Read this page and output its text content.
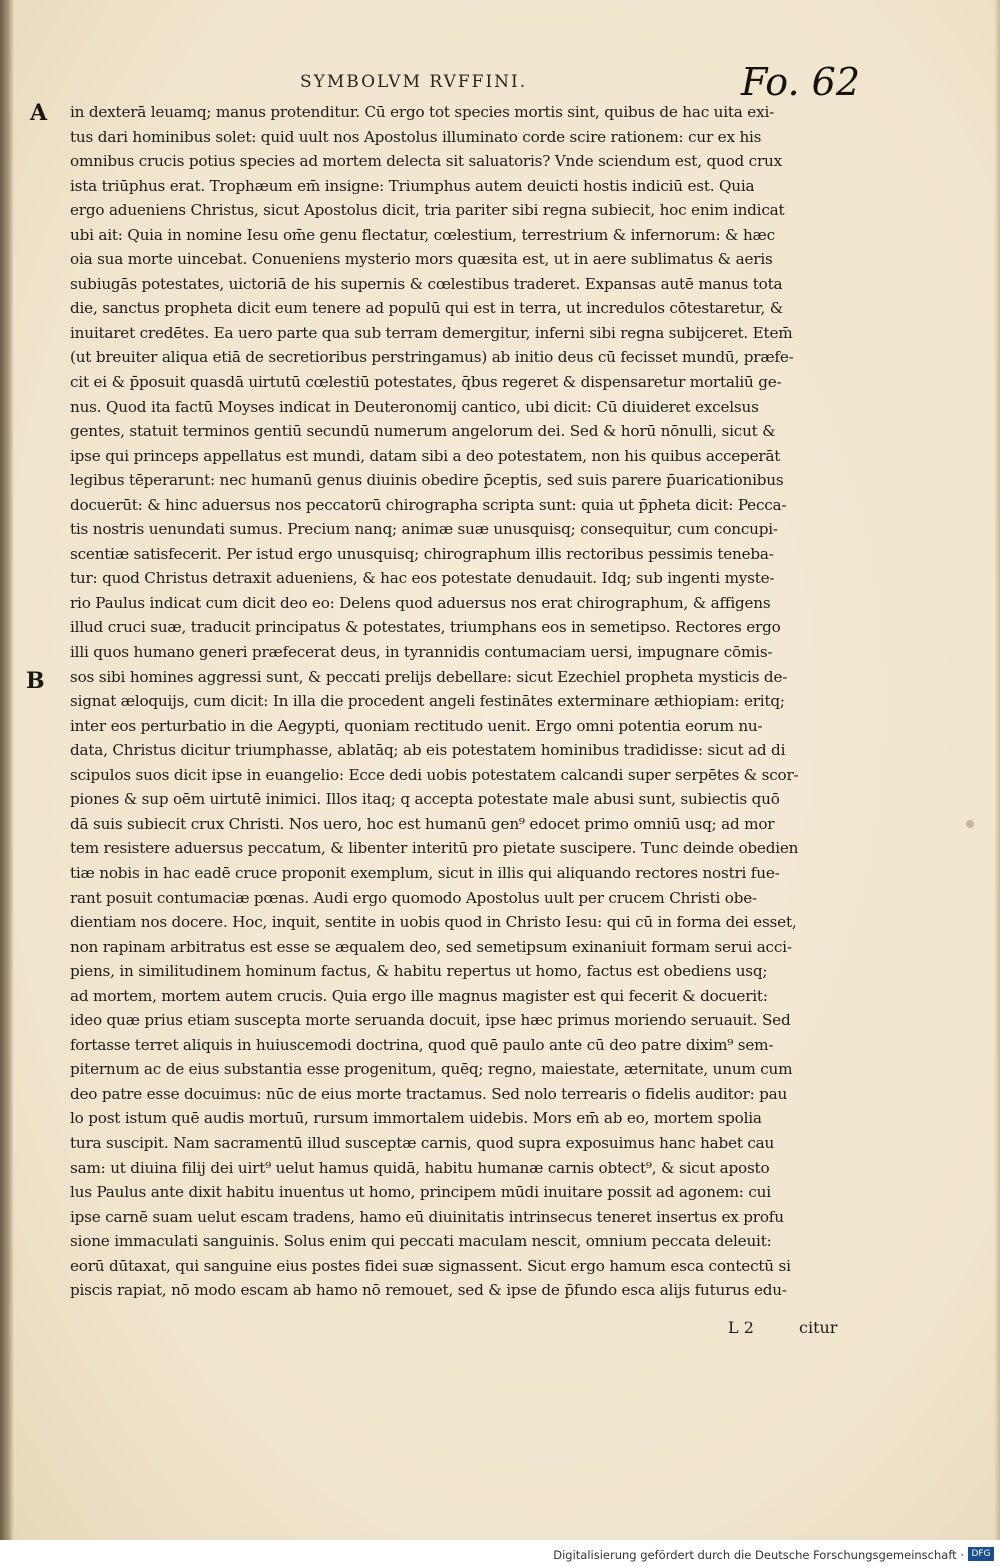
SYMBOLVM RVFFINI.	Fo. 62
A
B
in dexterā leuamq; manus protenditur. Cū ergo tot species mortis sint, quibus de hac uita exi-
tus dari hominibus solet: quid uult nos Apostolus illuminato corde scire rationem: cur ex his
omnibus crucis potius species ad mortem delecta sit saluatoris? Vnde sciendum est, quod crux
ista triūphus erat. Trophæum em̄ insigne: Triumphus autem deuicti hostis indiciū est. Quia
ergo adueniens Christus, sicut Apostolus dicit, tria pariter sibi regna subiecit, hoc enim indicat
ubi ait: Quia in nomine Iesu om̄e genu flectatur, cœlestium, terrestrium & infernorum: & hæc
oia sua morte uincebat. Conueniens mysterio mors quæsita est, ut in aere sublimatus & aeris
subiugās potestates, uictoriā de his supernis & cœlestibus traderet. Expansas autē manus tota
die, sanctus propheta dicit eum tenere ad populū qui est in terra, ut incredulos cōtestaretur, &
inuitaret credētes. Ea uero parte qua sub terram demergitur, inferni sibi regna subijceret. Etem̄
(ut breuiter aliqua etiā de secretioribus perstringamus) ab initio deus cū fecisset mundū, præfe-
cit ei & p̄posuit quasdā uirtutū cœlestiū potestates, q̄bus regeret & dispensaretur mortaliū ge-
nus. Quod ita factū Moyses indicat in Deuteronomij cantico, ubi dicit: Cū diuideret excelsus
gentes, statuit terminos gentiū secundū numerum angelorum dei. Sed & horū nōnulli, sicut &
ipse qui princeps appellatus est mundi, datam sibi a deo potestatem, non his quibus acceperāt
legibus tēperarunt: nec humanū genus diuinis obedire p̄ceptis, sed suis parere p̄uaricationibus
docuerūt: & hinc aduersus nos peccatorū chirographa scripta sunt: quia ut p̄pheta dicit: Pecca-
tis nostris uenundati sumus. Precium nanq; animæ suæ unusquisq; consequitur, cum concupi-
scentiæ satisfecerit. Per istud ergo unusquisq; chirographum illis rectoribus pessimis teneba-
tur: quod Christus detraxit adueniens, & hac eos potestate denudauit. Idq; sub ingenti myste-
rio Paulus indicat cum dicit deo eo: Delens quod aduersus nos erat chirographum, & affigens
illud cruci suæ, traducit principatus & potestates, triumphans eos in semetipso. Rectores ergo
illi quos humano generi præfecerat deus, in tyrannidis contumaciam uersi, impugnare cōmis-
sos sibi homines aggressi sunt, & peccati prelijs debellare: sicut Ezechiel propheta mysticis de-
signat æloquijs, cum dicit: In illa die procedent angeli festinātes exterminare æthiopiam: eritq;
inter eos perturbatio in die Aegypti, quoniam rectitudo uenit. Ergo omni potentia eorum nu-
data, Christus dicitur triumphasse, ablatāq; ab eis potestatem hominibus tradidisse: sicut ad di
scipulos suos dicit ipse in euangelio: Ecce dedi uobis potestatem calcandi super serpētes & scor-
piones & sup oēm uirtutē inimici. Illos itaq; q accepta potestate male abusi sunt, subiectis quō
dā suis subiecit crux Christi. Nos uero, hoc est humanū gen⁹ edocet primo omniū usq; ad mor
tem resistere aduersus peccatum, & libenter interitū pro pietate suscipere. Tunc deinde obedien
tiæ nobis in hac eadē cruce proponit exemplum, sicut in illis qui aliquando rectores nostri fue-
rant posuit contumaciæ pœnas. Audi ergo quomodo Apostolus uult per crucem Christi obe-
dientiam nos docere. Hoc, inquit, sentite in uobis quod in Christo Iesu: qui cū in forma dei esset,
non rapinam arbitratus est esse se æqualem deo, sed semetipsum exinaniuit formam serui acci-
piens, in similitudinem hominum factus, & habitu repertus ut homo, factus est obediens usq;
ad mortem, mortem autem crucis. Quia ergo ille magnus magister est qui fecerit & docuerit:
ideo quæ prius etiam suscepta morte seruanda docuit, ipse hæc primus moriendo seruauit. Sed
fortasse terret aliquis in huiuscemodi doctrina, quod quē paulo ante cū deo patre dixim⁹ sem-
piternum ac de eius substantia esse progenitum, quēq; regno, maiestate, æternitate, unum cum
deo patre esse docuimus: nūc de eius morte tractamus. Sed nolo terrearis o fidelis auditor: pau
lo post istum quē audis mortuū, rursum immortalem uidebis. Mors em̄ ab eo, mortem spolia
tura suscipit. Nam sacramentū illud susceptæ carnis, quod supra exposuimus hanc habet cau
sam: ut diuina filij dei uirt⁹ uelut hamus quidā, habitu humanæ carnis obtect⁹, & sicut aposto
lus Paulus ante dixit habitu inuentus ut homo, principem mūdi inuitare possit ad agonem: cui
ipse carnē suam uelut escam tradens, hamo eū diuinitatis intrinsecus teneret insertus ex profu
sione immaculati sanguinis. Solus enim qui peccati maculam nescit, omnium peccata deleuit:
eorū dūtaxat, qui sanguine eius postes fidei suæ signassent. Sicut ergo hamum esca contectū si
piscis rapiat, nō modo escam ab hamo nō remouet, sed & ipse de p̄fundo esca alijs futurus edu-
L 2	citur
Digitalisierung gefördert durch die Deutsche Forschungsgemeinschaft · DFG
